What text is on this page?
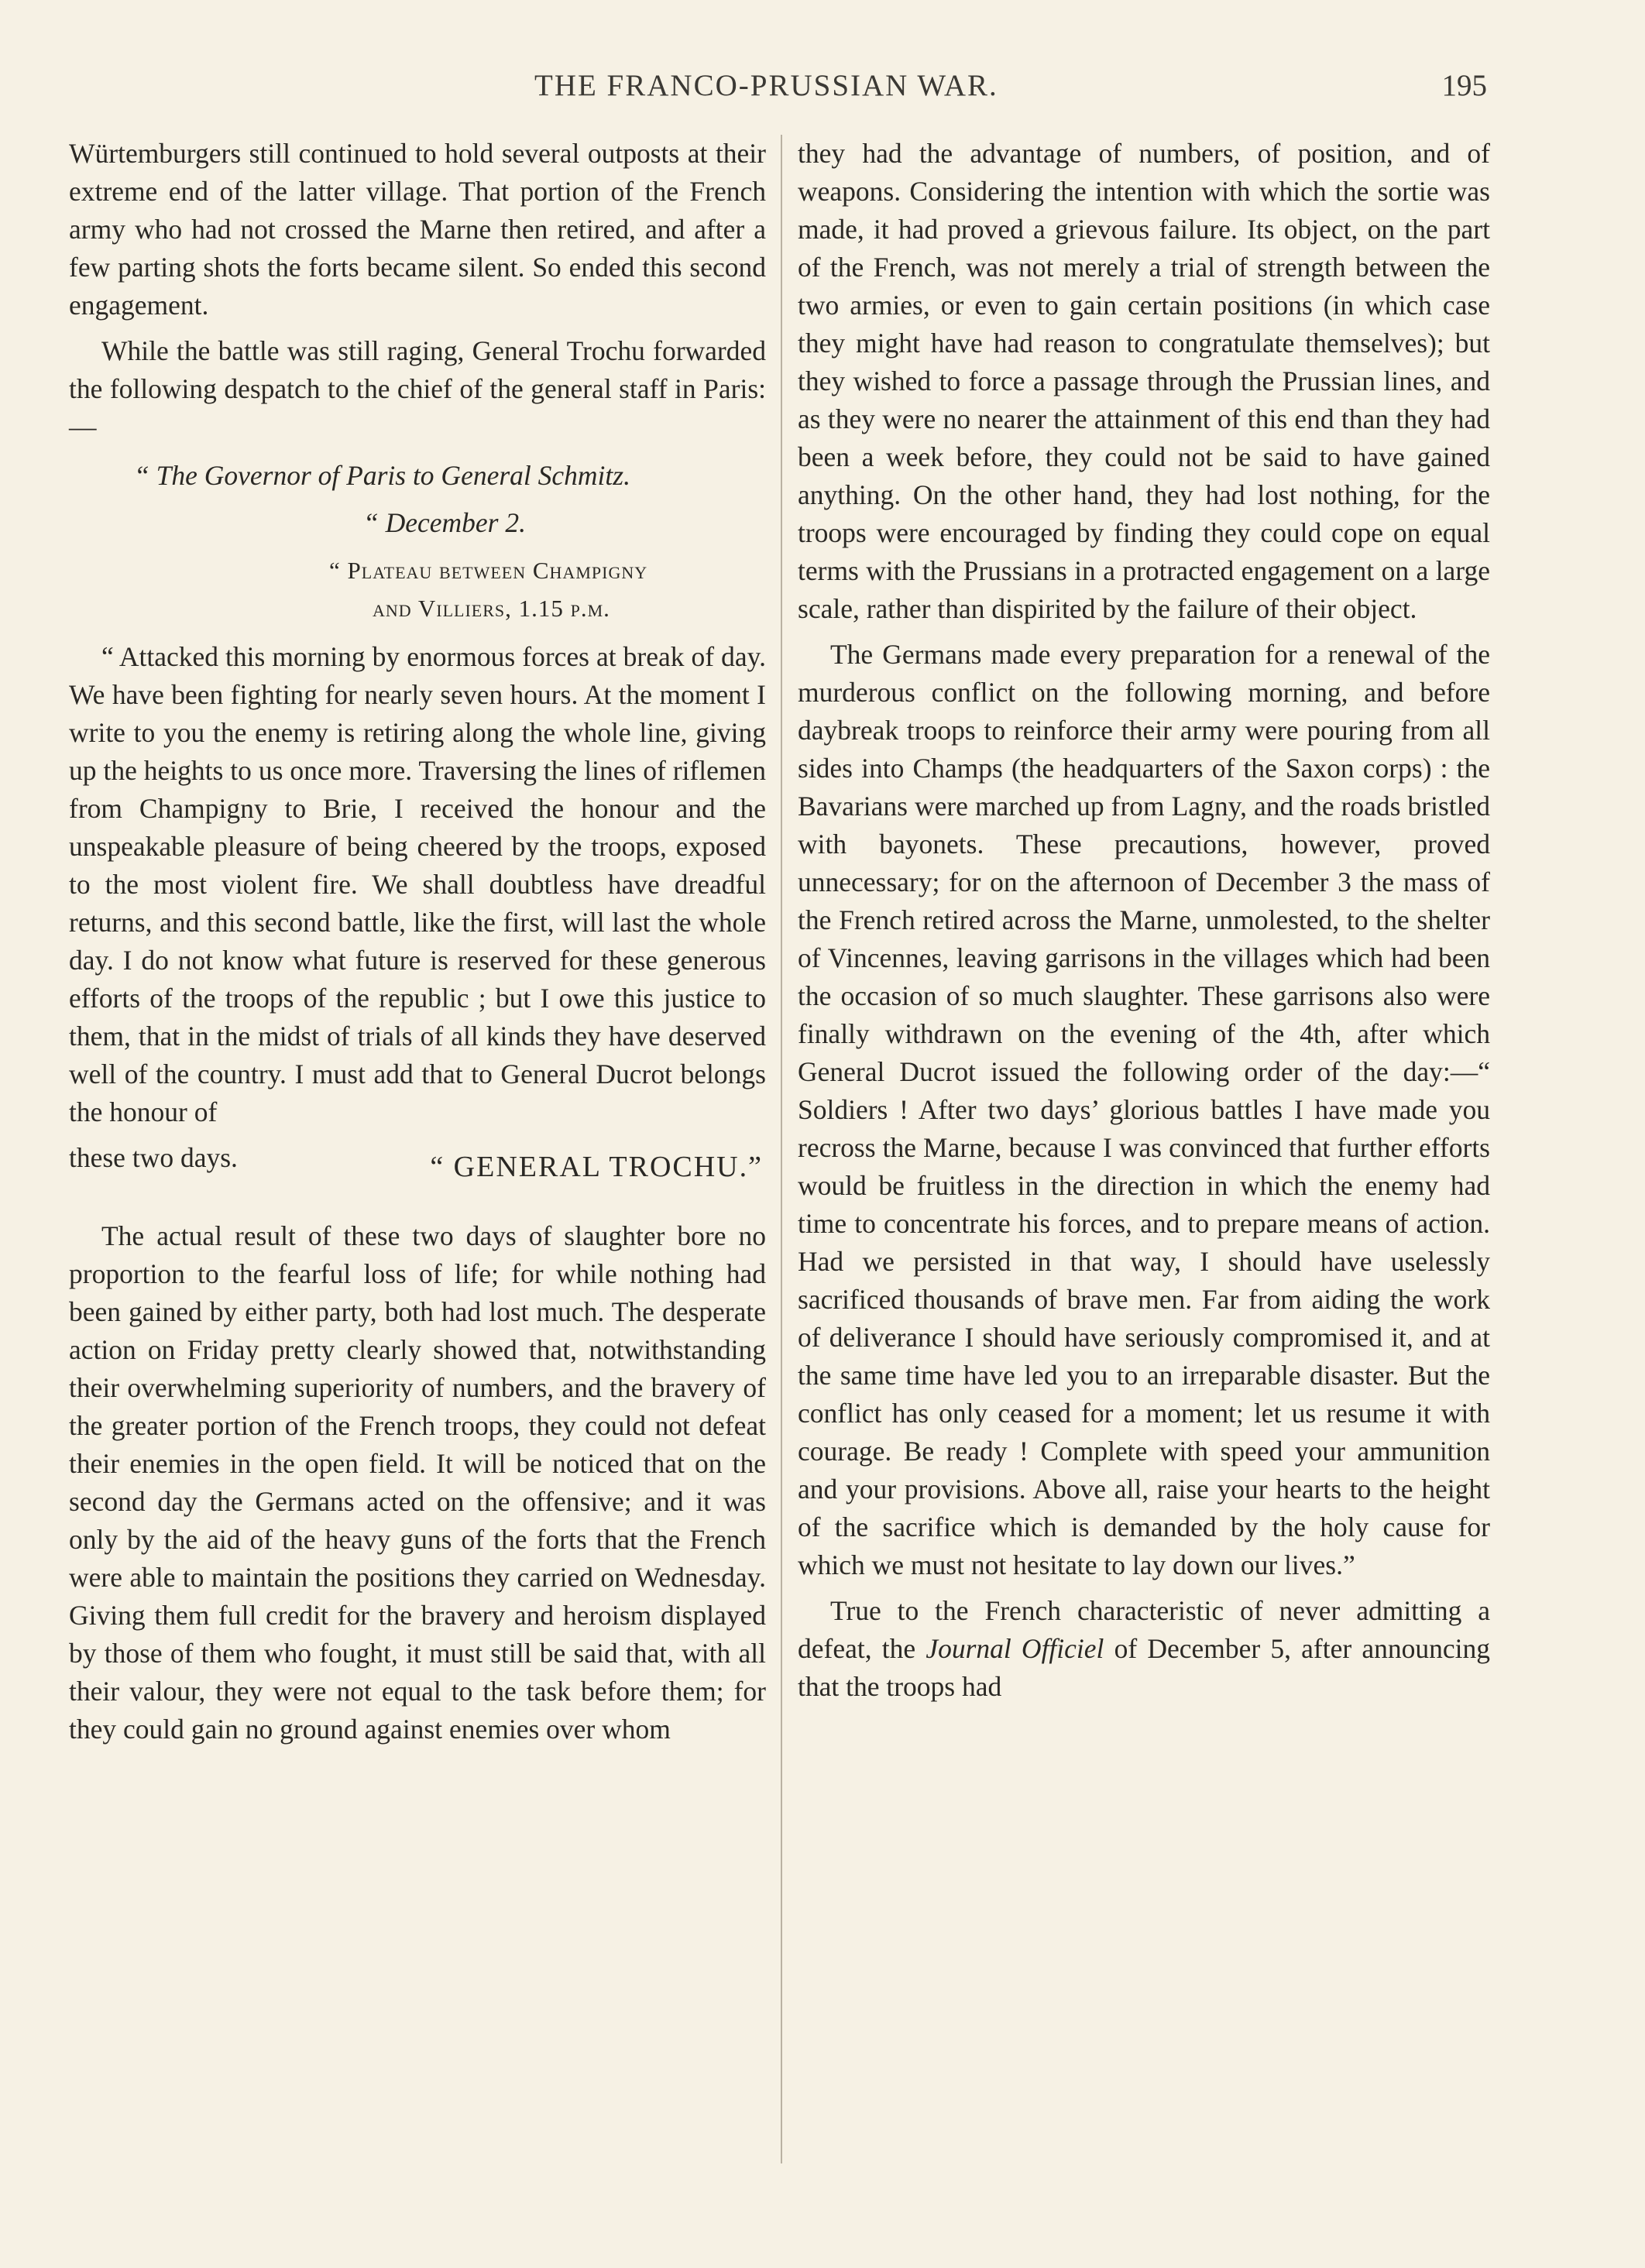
THE FRANCO-PRUSSIAN WAR.	195

Würtemburgers still continued to hold several outposts at their extreme end of the latter village. That portion of the French army who had not crossed the Marne then retired, and after a few parting shots the forts became silent. So ended this second engagement.

While the battle was still raging, General Trochu forwarded the following despatch to the chief of the general staff in Paris:—

“ The Governor of Paris to General Schmitz.
“ December 2.
“ Plateau between Champigny
and Villiers, 1.15 p.m.

“ Attacked this morning by enormous forces at break of day. We have been fighting for nearly seven hours. At the moment I write to you the enemy is retiring along the whole line, giving up the heights to us once more. Traversing the lines of riflemen from Champigny to Brie, I received the honour and the unspeakable pleasure of being cheered by the troops, exposed to the most violent fire. We shall doubtless have dreadful returns, and this second battle, like the first, will last the whole day. I do not know what future is reserved for these generous efforts of the troops of the republic ; but I owe this justice to them, that in the midst of trials of all kinds they have deserved well of the country. I must add that to General Ducrot belongs the honour of

these two days.	“ GENERAL TROCHU.”

The actual result of these two days of slaughter bore no proportion to the fearful loss of life; for while nothing had been gained by either party, both had lost much. The desperate action on Friday pretty clearly showed that, notwithstanding their overwhelming superiority of numbers, and the bravery of the greater portion of the French troops, they could not defeat their enemies in the open field. It will be noticed that on the second day the Germans acted on the offensive; and it was only by the aid of the heavy guns of the forts that the French were able to maintain the positions they carried on Wednesday. Giving them full credit for the bravery and heroism displayed by those of them who fought, it must still be said that, with all their valour, they were not equal to the task before them; for they could gain no ground against enemies over whom

they had the advantage of numbers, of position, and of weapons. Considering the intention with which the sortie was made, it had proved a grievous failure. Its object, on the part of the French, was not merely a trial of strength between the two armies, or even to gain certain positions (in which case they might have had reason to congratulate themselves); but they wished to force a passage through the Prussian lines, and as they were no nearer the attainment of this end than they had been a week before, they could not be said to have gained anything. On the other hand, they had lost nothing, for the troops were encouraged by finding they could cope on equal terms with the Prussians in a protracted engagement on a large scale, rather than dispirited by the failure of their object.

The Germans made every preparation for a renewal of the murderous conflict on the following morning, and before daybreak troops to reinforce their army were pouring from all sides into Champs (the headquarters of the Saxon corps) : the Bavarians were marched up from Lagny, and the roads bristled with bayonets. These precautions, however, proved unnecessary; for on the afternoon of December 3 the mass of the French retired across the Marne, unmolested, to the shelter of Vincennes, leaving garrisons in the villages which had been the occasion of so much slaughter. These garrisons also were finally withdrawn on the evening of the 4th, after which General Ducrot issued the following order of the day:—“ Soldiers ! After two days’ glorious battles I have made you recross the Marne, because I was convinced that further efforts would be fruitless in the direction in which the enemy had time to concentrate his forces, and to prepare means of action. Had we persisted in that way, I should have uselessly sacrificed thousands of brave men. Far from aiding the work of deliverance I should have seriously compromised it, and at the same time have led you to an irreparable disaster. But the conflict has only ceased for a moment; let us resume it with courage. Be ready ! Complete with speed your ammunition and your provisions. Above all, raise your hearts to the height of the sacrifice which is demanded by the holy cause for which we must not hesitate to lay down our lives.”

True to the French characteristic of never admitting a defeat, the Journal Officiel of December 5, after announcing that the troops had
